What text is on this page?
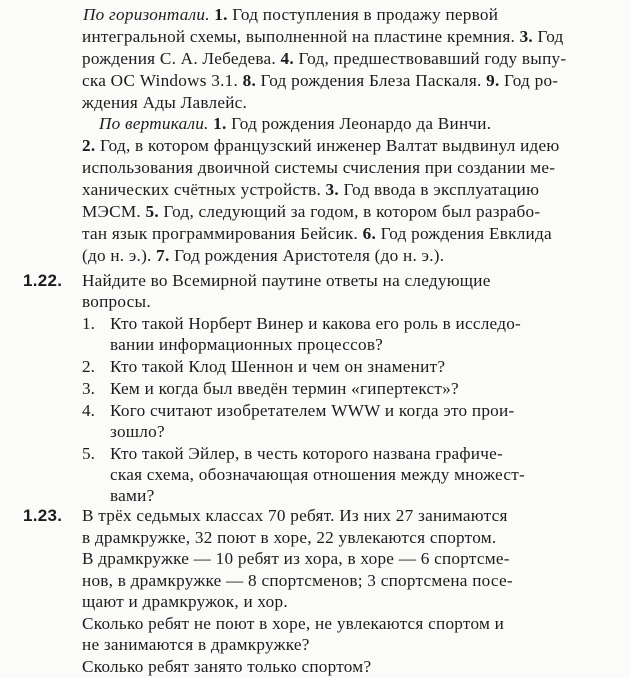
По горизонтали. 1. Год поступления в продажу первой
интегральной схемы, выполненной на пластине кремния. 3. Год
рождения С. А. Лебедева. 4. Год, предшествовавший году выпу-
ска ОС Windows 3.1. 8. Год рождения Блеза Паскаля. 9. Год ро-
ждения Ады Лавлейс.
По вертикали. 1. Год рождения Леонардо да Винчи.
2. Год, в котором французский инженер Валтат выдвинул идею
использования двоичной системы счисления при создании ме-
ханических счётных устройств. 3. Год ввода в эксплуатацию
МЭСМ. 5. Год, следующий за годом, в котором был разрабо-
тан язык программирования Бейсик. 6. Год рождения Евклида
(до н. э.). 7. Год рождения Аристотеля (до н. э.).
1.22. Найдите во Всемирной паутине ответы на следующие
вопросы.
1. Кто такой Норберт Винер и какова его роль в исследо-
вании информационных процессов?
2. Кто такой Клод Шеннон и чем он знаменит?
3. Кем и когда был введён термин «гипертекст»?
4. Кого считают изобретателем WWW и когда это прои-
зошло?
5. Кто такой Эйлер, в честь которого названа графиче-
ская схема, обозначающая отношения между множест-
вами?
1.23. В трёх седьмых классах 70 ребят. Из них 27 занимаются
в драмкружке, 32 поют в хоре, 22 увлекаются спортом.
В драмкружке — 10 ребят из хора, в хоре — 6 спортсме-
нов, в драмкружке — 8 спортсменов; 3 спортсмена посе-
щают и драмкружок, и хор.
Сколько ребят не поют в хоре, не увлекаются спортом и
не занимаются в драмкружке?
Сколько ребят занято только спортом?
